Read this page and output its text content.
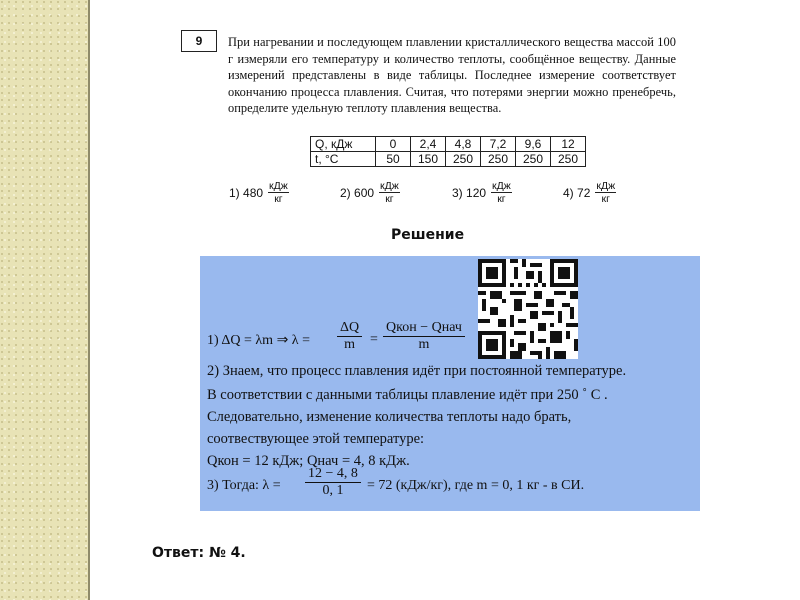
9	При нагревании и последующем плавлении кристаллического вещества массой 100 г измеряли его температуру и количество теплоты, сообщённое веществу. Данные измерений представлены в виде таблицы. Последнее измерение соответствует окончанию процесса плавления. Считая, что потерями энергии можно пренебречь, определите удельную теплоту плавления вещества.
Q, кДж	0	2,4	4,8	7,2	9,6	12
t, °C	50	150	250	250	250	250
1)
$480 \frac{\text{кДж}}{кг}$	2)
$600 \frac{\text{кДж}}{кг}$	3)
$120 \frac{\text{кДж}}{кг}$	4)
$72 \frac{\text{кДж}}{кг}$
Решение
1) ΔQ = λm ⇒ λ =
ΔQ
m =
Qкон − Qнач
m
2) Знаем, что процесс плавления идёт при постоянной температуре.
В соответствии с данными таблицы плавление идёт при 250 ˚ C .
Следовательно, изменение количества теплоты надо брать,
соотвествующее этой температуре:
Qкон = 12 кДж; Qнач = 4, 8 кДж.
3) Тогда: λ =
12 − 4, 8
0, 1 = 72 (кДж/кг), где m = 0, 1 кг - в СИ.
Ответ: № 4.
